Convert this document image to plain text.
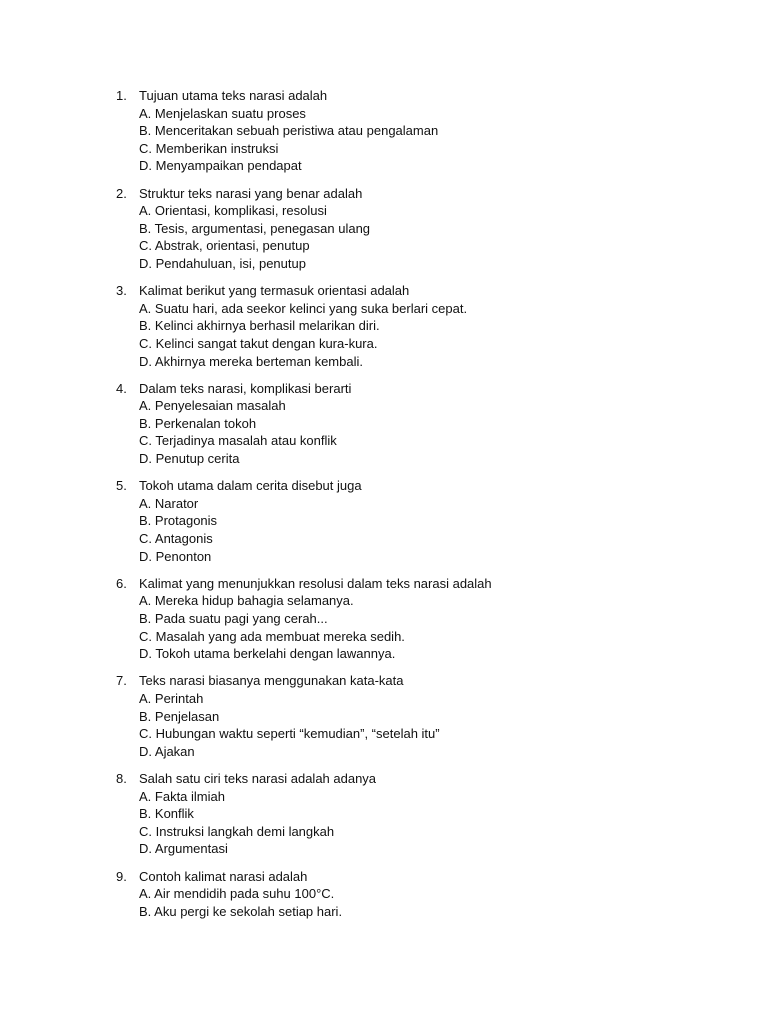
1. Tujuan utama teks narasi adalah
A. Menjelaskan suatu proses
B. Menceritakan sebuah peristiwa atau pengalaman
C. Memberikan instruksi
D. Menyampaikan pendapat
2. Struktur teks narasi yang benar adalah
A. Orientasi, komplikasi, resolusi
B. Tesis, argumentasi, penegasan ulang
C. Abstrak, orientasi, penutup
D. Pendahuluan, isi, penutup
3. Kalimat berikut yang termasuk orientasi adalah
A. Suatu hari, ada seekor kelinci yang suka berlari cepat.
B. Kelinci akhirnya berhasil melarikan diri.
C. Kelinci sangat takut dengan kura-kura.
D. Akhirnya mereka berteman kembali.
4. Dalam teks narasi, komplikasi berarti
A. Penyelesaian masalah
B. Perkenalan tokoh
C. Terjadinya masalah atau konflik
D. Penutup cerita
5. Tokoh utama dalam cerita disebut juga
A. Narator
B. Protagonis
C. Antagonis
D. Penonton
6. Kalimat yang menunjukkan resolusi dalam teks narasi adalah
A. Mereka hidup bahagia selamanya.
B. Pada suatu pagi yang cerah...
C. Masalah yang ada membuat mereka sedih.
D. Tokoh utama berkelahi dengan lawannya.
7. Teks narasi biasanya menggunakan kata-kata
A. Perintah
B. Penjelasan
C. Hubungan waktu seperti “kemudian”, “setelah itu”
D. Ajakan
8. Salah satu ciri teks narasi adalah adanya
A. Fakta ilmiah
B. Konflik
C. Instruksi langkah demi langkah
D. Argumentasi
9. Contoh kalimat narasi adalah
A. Air mendidih pada suhu 100°C.
B. Aku pergi ke sekolah setiap hari.
